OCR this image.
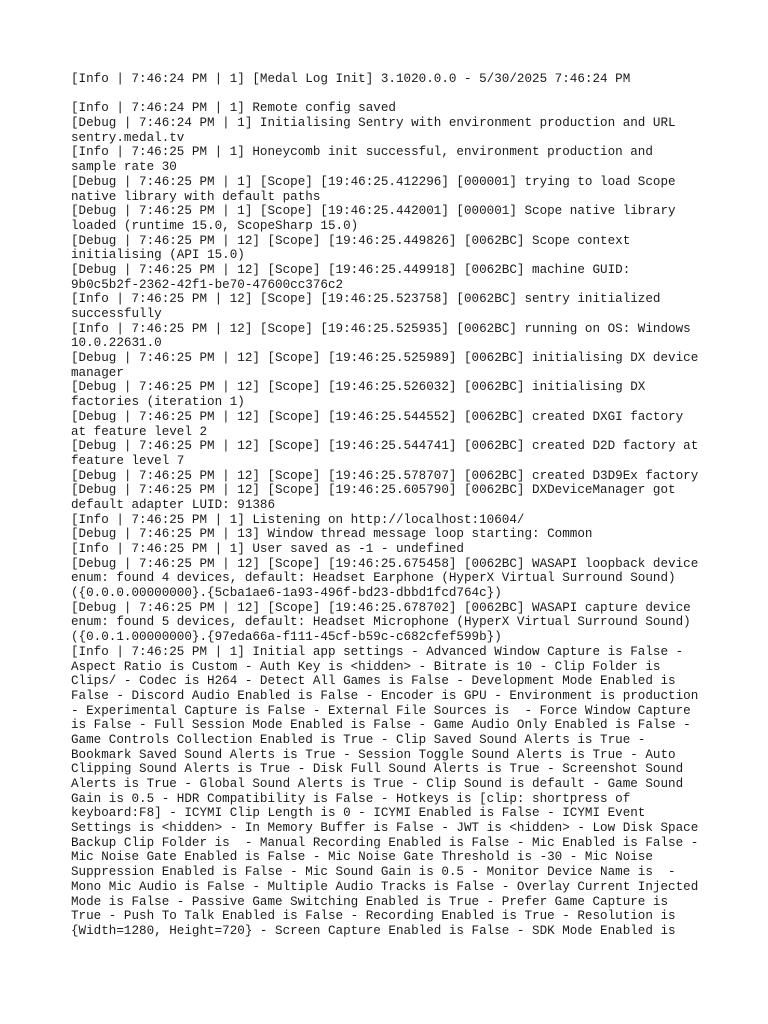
[Info | 7:46:24 PM | 1] [Medal Log Init] 3.1020.0.0 - 5/30/2025 7:46:24 PM
[Info | 7:46:24 PM | 1] Remote config saved
[Debug | 7:46:24 PM | 1] Initialising Sentry with environment production and URL
sentry.medal.tv
[Info | 7:46:25 PM | 1] Honeycomb init successful, environment production and
sample rate 30
[Debug | 7:46:25 PM | 1] [Scope] [19:46:25.412296] [000001] trying to load Scope
native library with default paths
[Debug | 7:46:25 PM | 1] [Scope] [19:46:25.442001] [000001] Scope native library
loaded (runtime 15.0, ScopeSharp 15.0)
[Debug | 7:46:25 PM | 12] [Scope] [19:46:25.449826] [0062BC] Scope context
initialising (API 15.0)
[Debug | 7:46:25 PM | 12] [Scope] [19:46:25.449918] [0062BC] machine GUID:
9b0c5b2f-2362-42f1-be70-47600cc376c2
[Info | 7:46:25 PM | 12] [Scope] [19:46:25.523758] [0062BC] sentry initialized
successfully
[Info | 7:46:25 PM | 12] [Scope] [19:46:25.525935] [0062BC] running on OS: Windows
10.0.22631.0
[Debug | 7:46:25 PM | 12] [Scope] [19:46:25.525989] [0062BC] initialising DX device
manager
[Debug | 7:46:25 PM | 12] [Scope] [19:46:25.526032] [0062BC] initialising DX
factories (iteration 1)
[Debug | 7:46:25 PM | 12] [Scope] [19:46:25.544552] [0062BC] created DXGI factory
at feature level 2
[Debug | 7:46:25 PM | 12] [Scope] [19:46:25.544741] [0062BC] created D2D factory at
feature level 7
[Debug | 7:46:25 PM | 12] [Scope] [19:46:25.578707] [0062BC] created D3D9Ex factory
[Debug | 7:46:25 PM | 12] [Scope] [19:46:25.605790] [0062BC] DXDeviceManager got
default adapter LUID: 91386
[Info | 7:46:25 PM | 1] Listening on http://localhost:10604/
[Debug | 7:46:25 PM | 13] Window thread message loop starting: Common
[Info | 7:46:25 PM | 1] User saved as -1 - undefined
[Debug | 7:46:25 PM | 12] [Scope] [19:46:25.675458] [0062BC] WASAPI loopback device
enum: found 4 devices, default: Headset Earphone (HyperX Virtual Surround Sound)
({0.0.0.00000000}.{5cba1ae6-1a93-496f-bd23-dbbd1fcd764c})
[Debug | 7:46:25 PM | 12] [Scope] [19:46:25.678702] [0062BC] WASAPI capture device
enum: found 5 devices, default: Headset Microphone (HyperX Virtual Surround Sound)
({0.0.1.00000000}.{97eda66a-f111-45cf-b59c-c682cfef599b})
[Info | 7:46:25 PM | 1] Initial app settings - Advanced Window Capture is False -
Aspect Ratio is Custom - Auth Key is <hidden> - Bitrate is 10 - Clip Folder is
Clips/ - Codec is H264 - Detect All Games is False - Development Mode Enabled is
False - Discord Audio Enabled is False - Encoder is GPU - Environment is production
- Experimental Capture is False - External File Sources is  - Force Window Capture
is False - Full Session Mode Enabled is False - Game Audio Only Enabled is False -
Game Controls Collection Enabled is True - Clip Saved Sound Alerts is True -
Bookmark Saved Sound Alerts is True - Session Toggle Sound Alerts is True - Auto
Clipping Sound Alerts is True - Disk Full Sound Alerts is True - Screenshot Sound
Alerts is True - Global Sound Alerts is True - Clip Sound is default - Game Sound
Gain is 0.5 - HDR Compatibility is False - Hotkeys is [clip: shortpress of
keyboard:F8] - ICYMI Clip Length is 0 - ICYMI Enabled is False - ICYMI Event
Settings is <hidden> - In Memory Buffer is False - JWT is <hidden> - Low Disk Space
Backup Clip Folder is  - Manual Recording Enabled is False - Mic Enabled is False -
Mic Noise Gate Enabled is False - Mic Noise Gate Threshold is -30 - Mic Noise
Suppression Enabled is False - Mic Sound Gain is 0.5 - Monitor Device Name is  -
Mono Mic Audio is False - Multiple Audio Tracks is False - Overlay Current Injected
Mode is False - Passive Game Switching Enabled is True - Prefer Game Capture is
True - Push To Talk Enabled is False - Recording Enabled is True - Resolution is
{Width=1280, Height=720} - Screen Capture Enabled is False - SDK Mode Enabled is
